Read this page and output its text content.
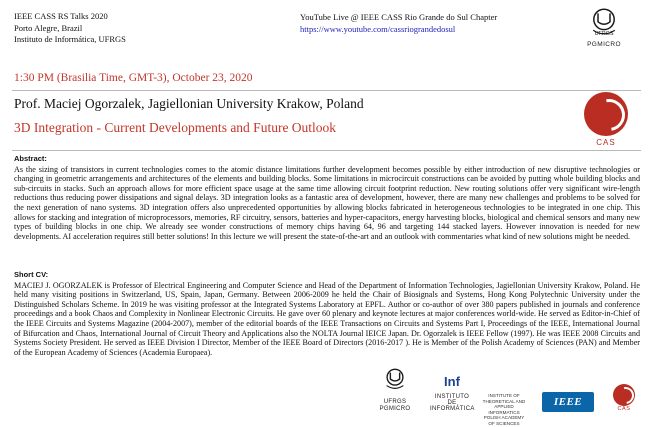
IEEE CASS RS Talks 2020
Porto Alegre, Brazil
Instituto de Informática, UFRGS
YouTube Live @ IEEE CASS Rio Grande do Sul Chapter
https://www.youtube.com/cassriograndedosul
UFRGS
PGMICRO
1:30 PM (Brasilia Time, GMT-3), October 23, 2020
Prof. Maciej Ogorzalek, Jagiellonian University Krakow, Poland
3D Integration - Current Developments and Future Outlook
CAS
Abstract:
As the sizing of transistors in current technologies comes to the atomic distance limitations further development becomes possible by either introduction of new disruptive technologies or changing in geometric arrangements and architectures of the elements and building blocks. Some limitations in microcircuit constructions can be avoided by putting whole building blocks and sub-circuits in stacks. Such an approach allows for more efficient space usage at the same time allowing circuit footprint reduction. New routing solutions offer very significant wire-length reductions thus reducing power dissipations and signal delays. 3D integration looks as a fantastic area of development, however, there are many new challenges and problems to be solved for the next generation of nano systems. 3D integration offers also unprecedented opportunities by allowing blocks fabricated in heterogeneous technologies to be integrated in one chip. This allows for stacking and integration of microprocessors, memories, RF circuitry, sensors, batteries and hyper-capacitors, energy harvesting blocks, biological and chemical sensors and many new types of building blocks in one chip. We already see wonder constructions of memory chips having 64, 96 and targeting 144 stacked layers. However innovation is needed for new developments. AI acceleration requires still better solutions! In this lecture we will present the state-of-the-art and an outlook with commentaries what kind of new solutions might be needed.
Short CV:
MACIEJ J. OGORZALEK is Professor of Electrical Engineering and Computer Science and Head of the Department of Information Technologies, Jagiellonian University Krakow, Poland. He held many visiting positions in Switzerland, US, Spain, Japan, Germany. Between 2006-2009 he held the Chair of Biosignals and Systems, Hong Kong Polytechnic University under the Distinguished Scholars Scheme. In 2019 he was visiting professor at the Integrated Systems Laboratory at EPFL. Author or co-author of over 380 papers published in journals and conference proceedings and a book Chaos and Complexity in Nonlinear Electronic Circuits. He gave over 60 plenary and keynote lectures at major conferences world-wide. He served as Editor-in-Chief of the IEEE Circuits and Systems Magazine (2004-2007), member of the editorial boards of the IEEE Transactions on Circuits and Systems Part I, Proceedings of the IEEE, International Journal of Bifurcation and Chaos, International Journal of Circuit Theory and Applications also the NOLTA Journal IEICE Japan. Dr. Ogorzalek is IEEE Fellow (1997). He was IEEE 2008 Circuits and Systems Society President. He served as IEEE Division I Director, Member of the IEEE Board of Directors (2016-2017 ). He is Member of the Polish Academy of Sciences (PAN) and Member of the European Academy of Sciences (Academia Europaea).
UFRGS
PGMICRO
Inf
INSTITUTO DE INFORMÁTICA
INSTITUTE OF THEORETICAL AND APPLIED INFORMATICS POLISH ACADEMY OF SCIENCES
IEEE
CAS
